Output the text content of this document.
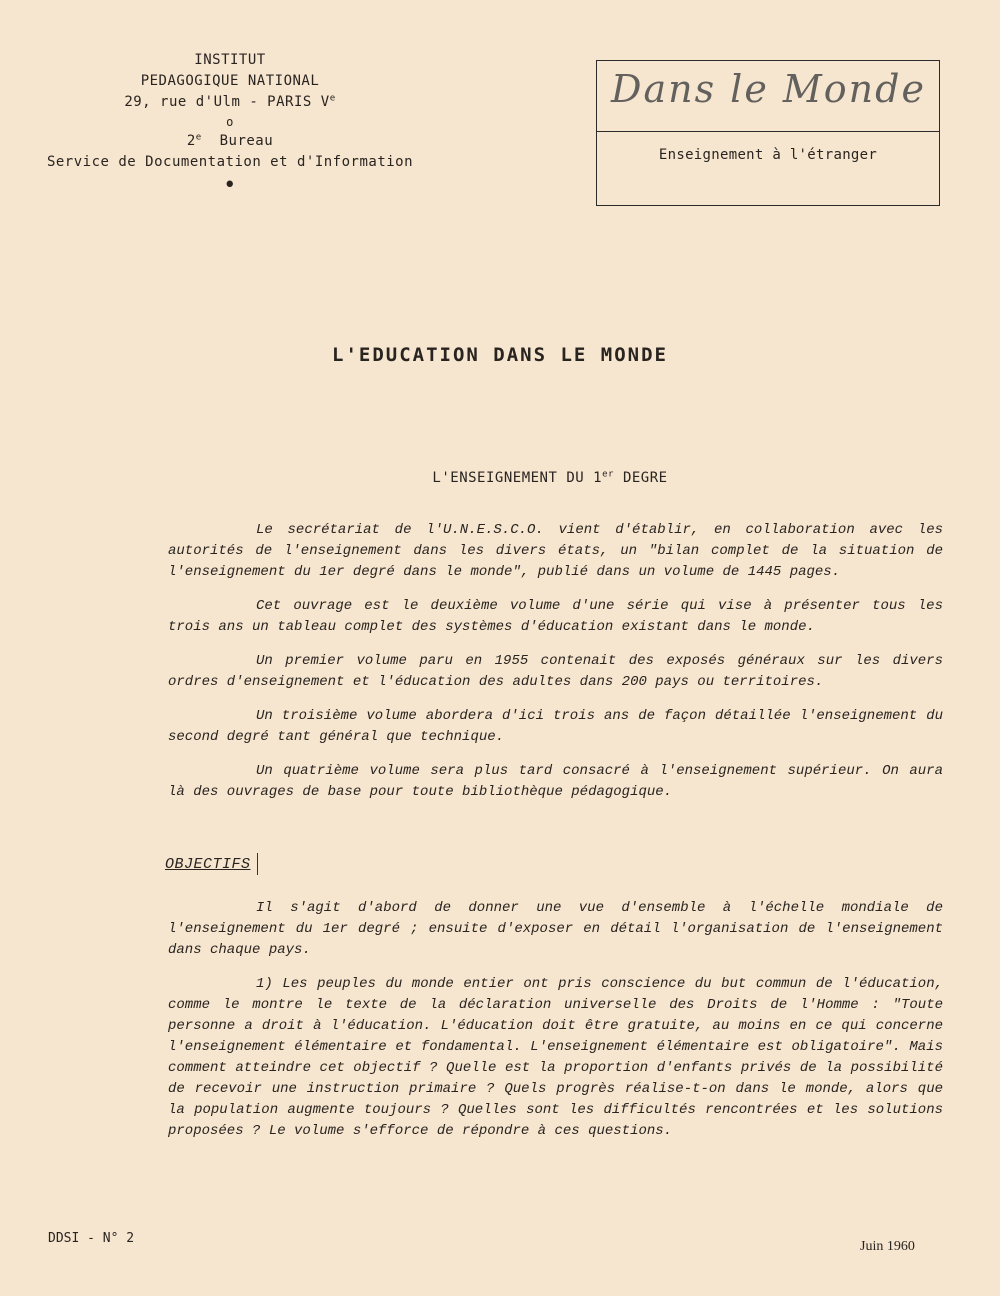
INSTITUT
PEDAGOGIQUE NATIONAL
29, rue d'Ulm - PARIS Ve
o
2e Bureau
Service de Documentation et d'Information
•
Dans le Monde
Enseignement à l'étranger
L'EDUCATION DANS LE MONDE
L'ENSEIGNEMENT DU 1er DEGRE

Le secrétariat de l'U.N.E.S.C.O. vient d'établir, en collaboration avec les autorités de l'enseignement dans les divers états, un "bilan complet de la situation de l'enseignement du 1er degré dans le monde", publié dans un volume de 1445 pages.

Cet ouvrage est le deuxième volume d'une série qui vise à présenter tous les trois ans un tableau complet des systèmes d'éducation existant dans le monde.

Un premier volume paru en 1955 contenait des exposés généraux sur les divers ordres d'enseignement et l'éducation des adultes dans 200 pays ou territoires.

Un troisième volume abordera d'ici trois ans de façon détaillée l'enseignement du second degré tant général que technique.

Un quatrième volume sera plus tard consacré à l'enseignement supérieur. On aura là des ouvrages de base pour toute bibliothèque pédagogique.

OBJECTIFS

Il s'agit d'abord de donner une vue d'ensemble à l'échelle mondiale de l'enseignement du 1er degré ; ensuite d'exposer en détail l'organisation de l'enseignement dans chaque pays.

1) Les peuples du monde entier ont pris conscience du but commun de l'éducation, comme le montre le texte de la déclaration universelle des Droits de l'Homme : "Toute personne a droit à l'éducation. L'éducation doit être gratuite, au moins en ce qui concerne l'enseignement élémentaire et fondamental. L'enseignement élémentaire est obligatoire". Mais comment atteindre cet objectif ? Quelle est la proportion d'enfants privés de la possibilité de recevoir une instruction primaire ? Quels progrès réalise-t-on dans le monde, alors que la population augmente toujours ? Quelles sont les difficultés rencontrées et les solutions proposées ? Le volume s'efforce de répondre à ces questions.

DDSI - N° 2
Juin 1960
